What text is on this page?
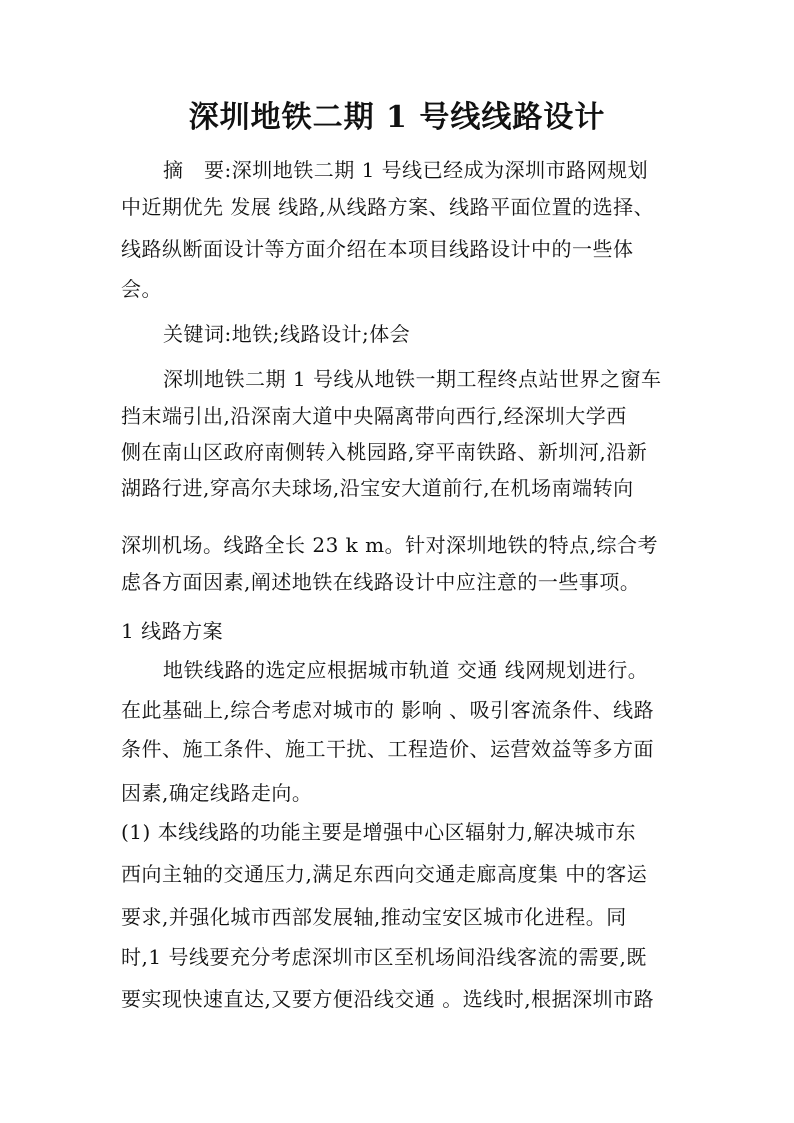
深圳地铁二期 1 号线线路设计
摘　要:深圳地铁二期 1 号线已经成为深圳市路网规划
中近期优先 发展 线路,从线路方案、线路平面位置的选择、
线路纵断面设计等方面介绍在本项目线路设计中的一些体
会。
关键词:地铁;线路设计;体会
深圳地铁二期 1 号线从地铁一期工程终点站世界之窗车
挡末端引出,沿深南大道中央隔离带向西行,经深圳大学西
侧在南山区政府南侧转入桃园路,穿平南铁路、新圳河,沿新
湖路行进,穿高尔夫球场,沿宝安大道前行,在机场南端转向
深圳机场。线路全长 23 k m。针对深圳地铁的特点,综合考
虑各方面因素,阐述地铁在线路设计中应注意的一些事项。
1 线路方案
地铁线路的选定应根据城市轨道 交通 线网规划进行。
在此基础上,综合考虑对城市的 影响 、吸引客流条件、线路
条件、施工条件、施工干扰、工程造价、运营效益等多方面
因素,确定线路走向。
(1) 本线线路的功能主要是增强中心区辐射力,解决城市东
西向主轴的交通压力,满足东西向交通走廊高度集 中的客运
要求,并强化城市西部发展轴,推动宝安区城市化进程。同
时,1 号线要充分考虑深圳市区至机场间沿线客流的需要,既
要实现快速直达,又要方便沿线交通 。选线时,根据深圳市路
